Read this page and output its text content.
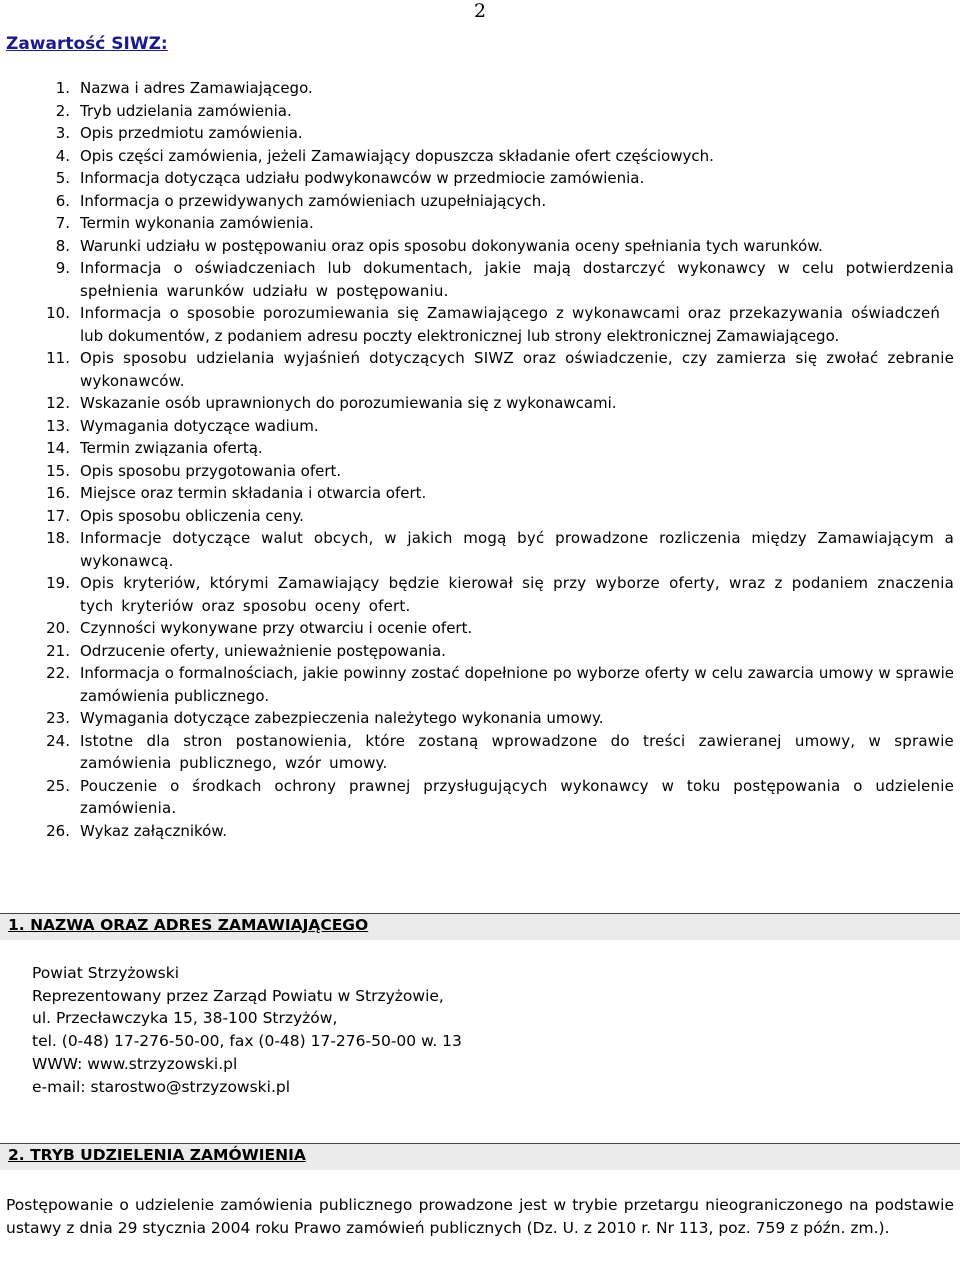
2
Zawartość SIWZ:
1. Nazwa i adres Zamawiającego.
2. Tryb udzielania zamówienia.
3. Opis przedmiotu zamówienia.
4. Opis części zamówienia, jeżeli Zamawiający dopuszcza składanie ofert częściowych.
5. Informacja dotycząca udziału podwykonawców w przedmiocie zamówienia.
6. Informacja o przewidywanych zamówieniach uzupełniających.
7. Termin wykonania zamówienia.
8. Warunki udziału w postępowaniu oraz opis sposobu dokonywania oceny spełniania tych warunków.
9. Informacja o oświadczeniach lub dokumentach, jakie mają dostarczyć wykonawcy w celu potwierdzenia spełnienia warunków udziału w postępowaniu.
10. Informacja o sposobie porozumiewania się Zamawiającego z wykonawcami oraz przekazywania oświadczeń
lub dokumentów, z podaniem adresu poczty elektronicznej lub strony elektronicznej Zamawiającego.
11. Opis sposobu udzielania wyjaśnień dotyczących SIWZ oraz oświadczenie, czy zamierza się zwołać zebranie wykonawców.
12. Wskazanie osób uprawnionych do porozumiewania się z wykonawcami.
13. Wymagania dotyczące wadium.
14. Termin związania ofertą.
15. Opis sposobu przygotowania ofert.
16. Miejsce oraz termin składania i otwarcia ofert.
17. Opis sposobu obliczenia ceny.
18. Informacje dotyczące walut obcych, w jakich mogą być prowadzone rozliczenia między Zamawiającym a wykonawcą.
19. Opis kryteriów, którymi Zamawiający będzie kierował się przy wyborze oferty, wraz z podaniem znaczenia tych kryteriów oraz sposobu oceny ofert.
20. Czynności wykonywane przy otwarciu i ocenie ofert.
21. Odrzucenie oferty, unieważnienie postępowania.
22. Informacja o formalnościach, jakie powinny zostać dopełnione po wyborze oferty w celu zawarcia umowy w sprawie zamówienia publicznego.
23. Wymagania dotyczące zabezpieczenia należytego wykonania umowy.
24. Istotne dla stron postanowienia, które zostaną wprowadzone do treści zawieranej umowy, w sprawie zamówienia publicznego, wzór umowy.
25. Pouczenie o środkach ochrony prawnej przysługujących wykonawcy w toku postępowania o udzielenie zamówienia.
26. Wykaz załączników.
1. NAZWA ORAZ ADRES ZAMAWIAJĄCEGO
Powiat Strzyżowski
Reprezentowany przez Zarząd Powiatu w Strzyżowie,
ul. Przecławczyka 15, 38-100 Strzyżów,
tel. (0-48) 17-276-50-00, fax (0-48) 17-276-50-00 w. 13
WWW: www.strzyzowski.pl
e-mail: starostwo@strzyzowski.pl
2. TRYB UDZIELENIA ZAMÓWIENIA
Postępowanie o udzielenie zamówienia publicznego prowadzone jest w trybie przetargu nieograniczonego na podstawie ustawy z dnia 29 stycznia 2004 roku Prawo zamówień publicznych (Dz. U. z 2010 r. Nr 113, poz. 759 z późn. zm.).
